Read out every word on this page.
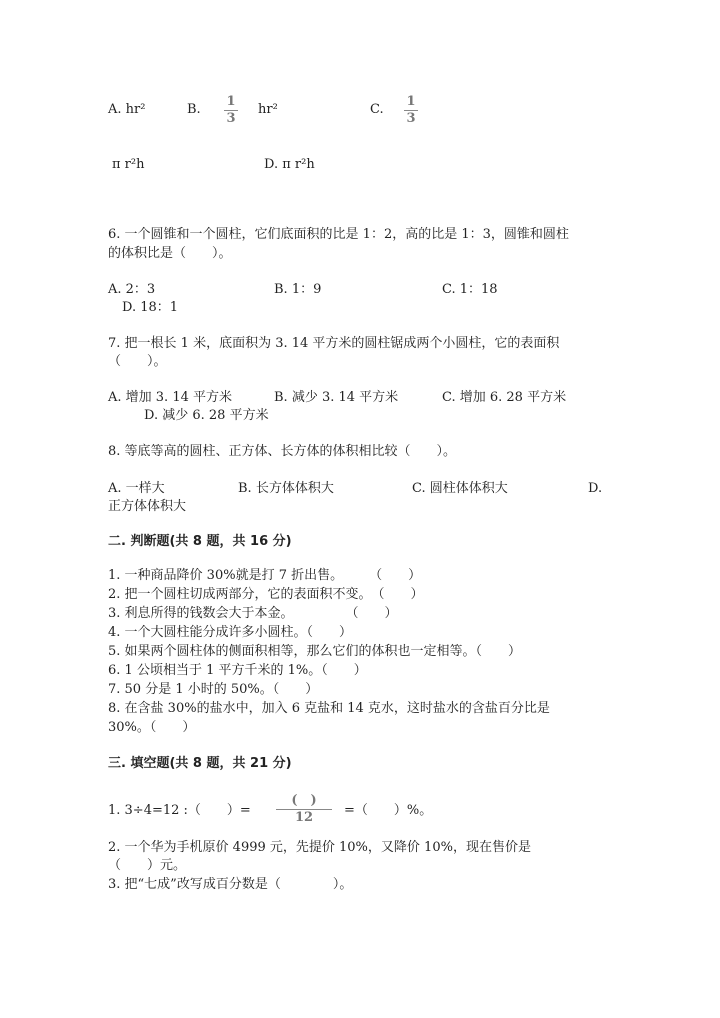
A. hr²	B.
1
3
hr²	C.
1
3
π r²h	D. π r²h
6. 一个圆锥和一个圆柱，它们底面积的比是 1：2，高的比是 1：3，圆锥和圆柱
的体积比是（　　）。
A. 2：3	B. 1：9	C. 1：18
D. 18：1
7. 把一根长 1 米，底面积为 3. 14 平方米的圆柱锯成两个小圆柱，它的表面积
（　　）。
A. 增加 3. 14 平方米	B. 减少 3. 14 平方米	C. 增加 6. 28 平方米
D. 减少 6. 28 平方米
8. 等底等高的圆柱、正方体、长方体的体积相比较（　　）。
A. 一样大	B. 长方体体积大	C. 圆柱体体积大	D.
正方体体积大
二. 判断题(共 8 题，共 16 分)
1. 一种商品降价 30%就是打 7 折出售。　　　（　　）
2. 把一个圆柱切成两部分，它的表面积不变。　（　　）
3. 利息所得的钱数会大于本金。　　　　　（　　）
4. 一个大圆柱能分成许多小圆柱。（　　）
5. 如果两个圆柱体的侧面积相等，那么它们的体积也一定相等。（　　）
6. 1 公顷相当于 1 平方千米的 1%。（　　）
7. 50 分是 1 小时的 50%。（　　）
8. 在含盐 30%的盐水中，加入 6 克盐和 14 克水，这时盐水的含盐百分比是
30%。（　　）
三. 填空题(共 8 题，共 21 分)
1. 3÷4=12 :（　　）=
(　)
12	=（　　）%。
2. 一个华为手机原价 4999 元，先提价 10%，又降价 10%，现在售价是
（　　）元。
3. 把“七成”改写成百分数是（　　　　）。
